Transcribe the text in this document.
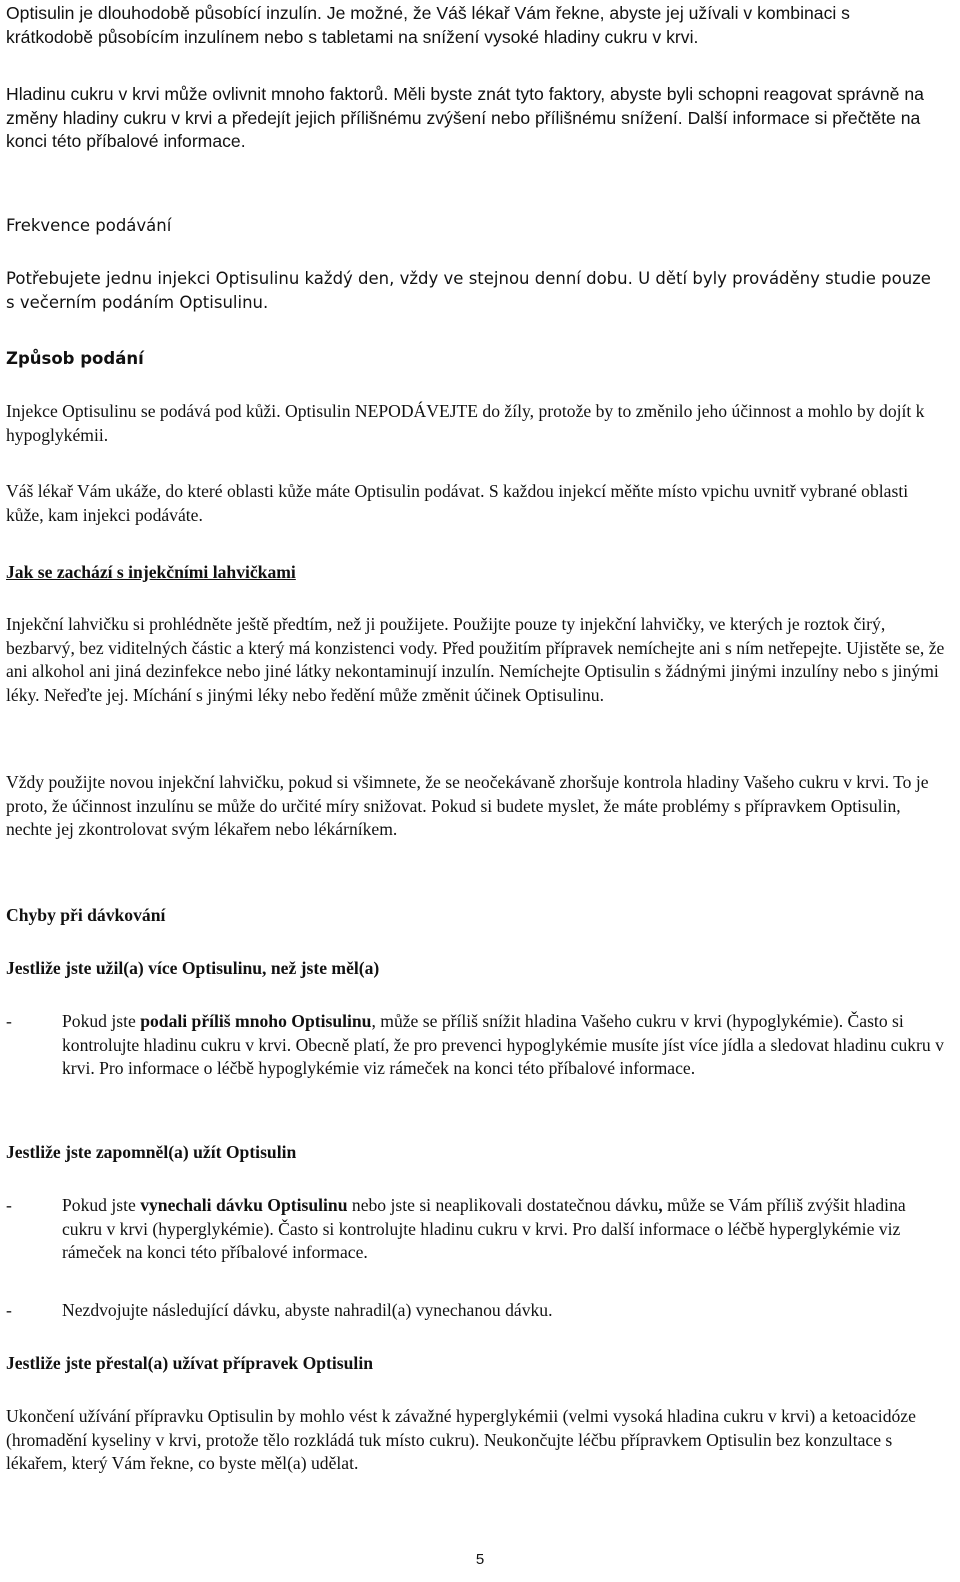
Optisulin je dlouhodobě působící inzulín. Je možné, že Váš lékař Vám řekne, abyste jej užívali v kombinaci s krátkodobě působícím inzulínem nebo s tabletami na snížení vysoké hladiny cukru v krvi.

Hladinu cukru v krvi může ovlivnit mnoho faktorů. Měli byste znát tyto faktory, abyste byli schopni reagovat správně na změny hladiny cukru v krvi a předejít jejich přílišnému zvýšení nebo přílišnému snížení. Další informace si přečtěte na konci této příbalové informace.

Frekvence podávání

Potřebujete jednu injekci Optisulinu každý den, vždy ve stejnou denní dobu. U dětí byly prováděny studie pouze s večerním podáním Optisulinu.

Způsob podání

Injekce Optisulinu se podává pod kůži. Optisulin NEPODÁVEJTE do žíly, protože by to změnilo jeho účinnost a mohlo by dojít k hypoglykémii.

Váš lékař Vám ukáže, do které oblasti kůže máte Optisulin podávat. S každou injekcí měňte místo vpichu uvnitř vybrané oblasti kůže, kam injekci podáváte.

Jak se zachází s injekčními lahvičkami

Injekční lahvičku si prohlédněte ještě předtím, než ji použijete. Použijte pouze ty injekční lahvičky, ve kterých je roztok čirý, bezbarvý, bez viditelných částic a který má konzistenci vody. Před použitím přípravek nemíchejte ani s ním netřepejte. Ujistěte se, že ani alkohol ani jiná dezinfekce nebo jiné látky nekontaminují inzulín. Nemíchejte Optisulin s žádnými jinými inzulíny nebo s jinými léky. Neřeďte jej. Míchání s jinými léky nebo ředění může změnit účinek Optisulinu.

Vždy použijte novou injekční lahvičku, pokud si všimnete, že se neočekávaně zhoršuje kontrola hladiny Vašeho cukru v krvi. To je proto, že účinnost inzulínu se může do určité míry snižovat. Pokud si budete myslet, že máte problémy s přípravkem Optisulin, nechte jej zkontrolovat svým lékařem nebo lékárníkem.

Chyby při dávkování

Jestliže jste užil(a) více Optisulinu, než jste měl(a)

-	Pokud jste podali příliš mnoho Optisulinu, může se příliš snížit hladina Vašeho cukru v krvi (hypoglykémie). Často si kontrolujte hladinu cukru v krvi. Obecně platí, že pro prevenci hypoglykémie musíte jíst více jídla a sledovat hladinu cukru v krvi. Pro informace o léčbě hypoglykémie viz rámeček na konci této příbalové informace.

Jestliže jste zapomněl(a) užít Optisulin

-	Pokud jste vynechali dávku Optisulinu nebo jste si neaplikovali dostatečnou dávku, může se Vám příliš zvýšit hladina cukru v krvi (hyperglykémie). Často si kontrolujte hladinu cukru v krvi. Pro další informace o léčbě hyperglykémie viz rámeček na konci této příbalové informace.
-	Nezdvojujte následující dávku, abyste nahradil(a) vynechanou dávku.

Jestliže jste přestal(a) užívat přípravek Optisulin

Ukončení užívání přípravku Optisulin by mohlo vést k závažné hyperglykémii (velmi vysoká hladina cukru v krvi) a ketoacidóze (hromadění kyseliny v krvi, protože tělo rozkládá tuk místo cukru). Neukončujte léčbu přípravkem Optisulin bez konzultace s lékařem, který Vám řekne, co byste měl(a) udělat.

5
